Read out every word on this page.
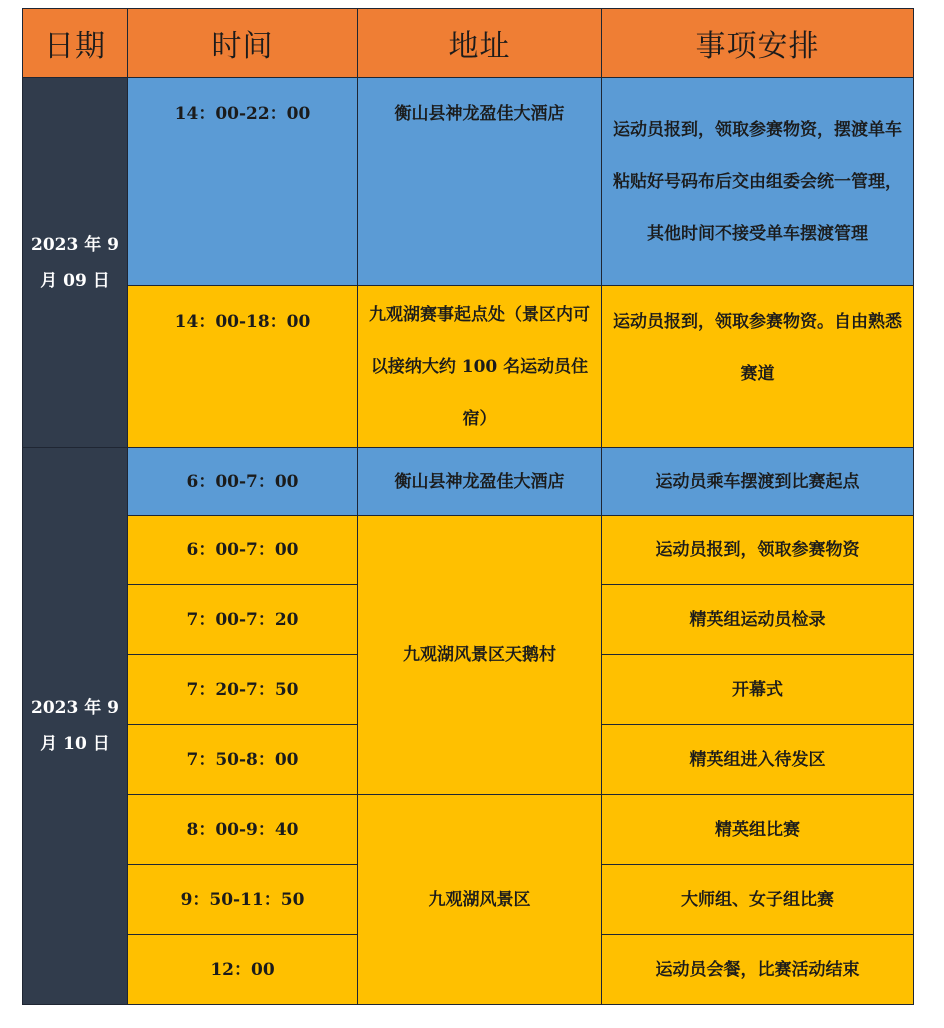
日期	时间	地址	事项安排

2023 年 9 月 09 日	14：00-22：00	衡山县神龙盈佳大酒店	运动员报到，领取参赛物资，摆渡单车粘贴好号码布后交由组委会统一管理，其他时间不接受单车摆渡管理

	14：00-18：00	九观湖赛事起点处（景区内可以接纳大约 100 名运动员住宿）	运动员报到，领取参赛物资。自由熟悉赛道

2023 年 9 月 10 日	6：00-7：00	衡山县神龙盈佳大酒店	运动员乘车摆渡到比赛起点

	6：00-7：00	九观湖风景区天鹅村	运动员报到，领取参赛物资

	7：00-7：20		精英组运动员检录

	7：20-7：50		开幕式

	7：50-8：00		精英组进入待发区

	8：00-9：40	九观湖风景区	精英组比赛

	9：50-11：50		大师组、女子组比赛

	12：00		运动员会餐，比赛活动结束
